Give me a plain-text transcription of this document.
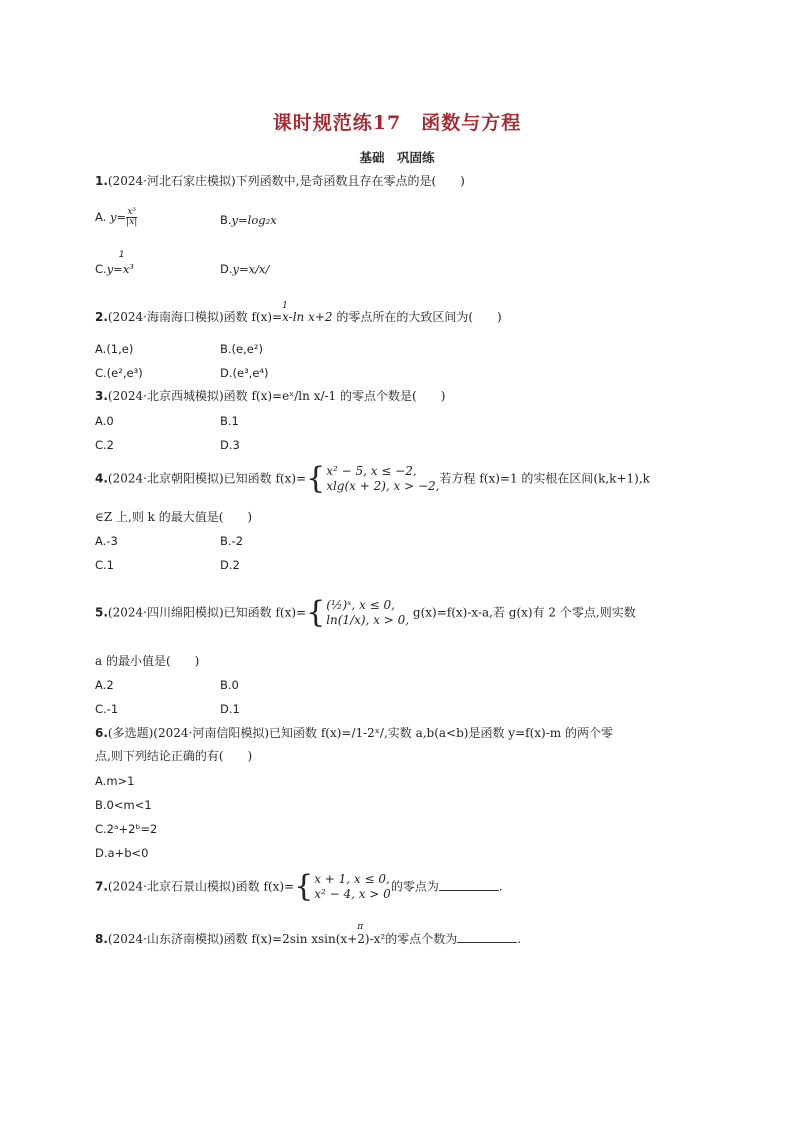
课时规范练17　函数与方程
基础　巩固练
1.(2024·河北石家庄模拟)下列函数中,是奇函数且存在零点的是(　　)
A. $y= \frac{\text{x³}}{|x|}$	B.y=log₂x
C.
1
y=x³	D.y=x/x/
2.(2024·海南海口模拟)函数 f(x)=
1
x-ln x+2 的零点所在的大致区间为(　　)
A.(1,e)	B.(e,e²)
C.(e²,e³)	D.(e³,e⁴)
3.(2024·北京西城模拟)函数 f(x)=eˣ/ln x/-1 的零点个数是(　　)
A.0	B.1
C.2	D.3
4.(2024·北京朝阳模拟)已知函数 f(x)={ x² − 5, x ≤ −2,
xlg(x + 2), x > −2,
若方程 f(x)=1 的实根在区间(k,k+1),k
∈Z 上,则 k 的最大值是(　　)
A.-3	B.-2
C.1	D.2
5.(2024·四川绵阳模拟)已知函数 f(x)={ (½)ˣ, x ≤ 0,
ln(1/x), x > 0,
g(x)=f(x)-x-a,若 g(x)有 2 个零点,则实数
a 的最小值是(　　)
A.2	B.0
C.-1	D.1
6.(多选题)(2024·河南信阳模拟)已知函数 f(x)=/1-2ˣ/,实数 a,b(a<b)是函数 y=f(x)-m 的两个零
点,则下列结论正确的有(　　)
A.m>1
B.0<m<1
C.2ᵃ+2ᵇ=2
D.a+b<0
7.(2024·北京石景山模拟)函数 f(x)={ x + 1, x ≤ 0,
x² − 4, x > 0
的零点为	.
8.(2024·山东济南模拟)函数 f(x)=2sin xsin(x+
π
2)-x²的零点个数为	.
